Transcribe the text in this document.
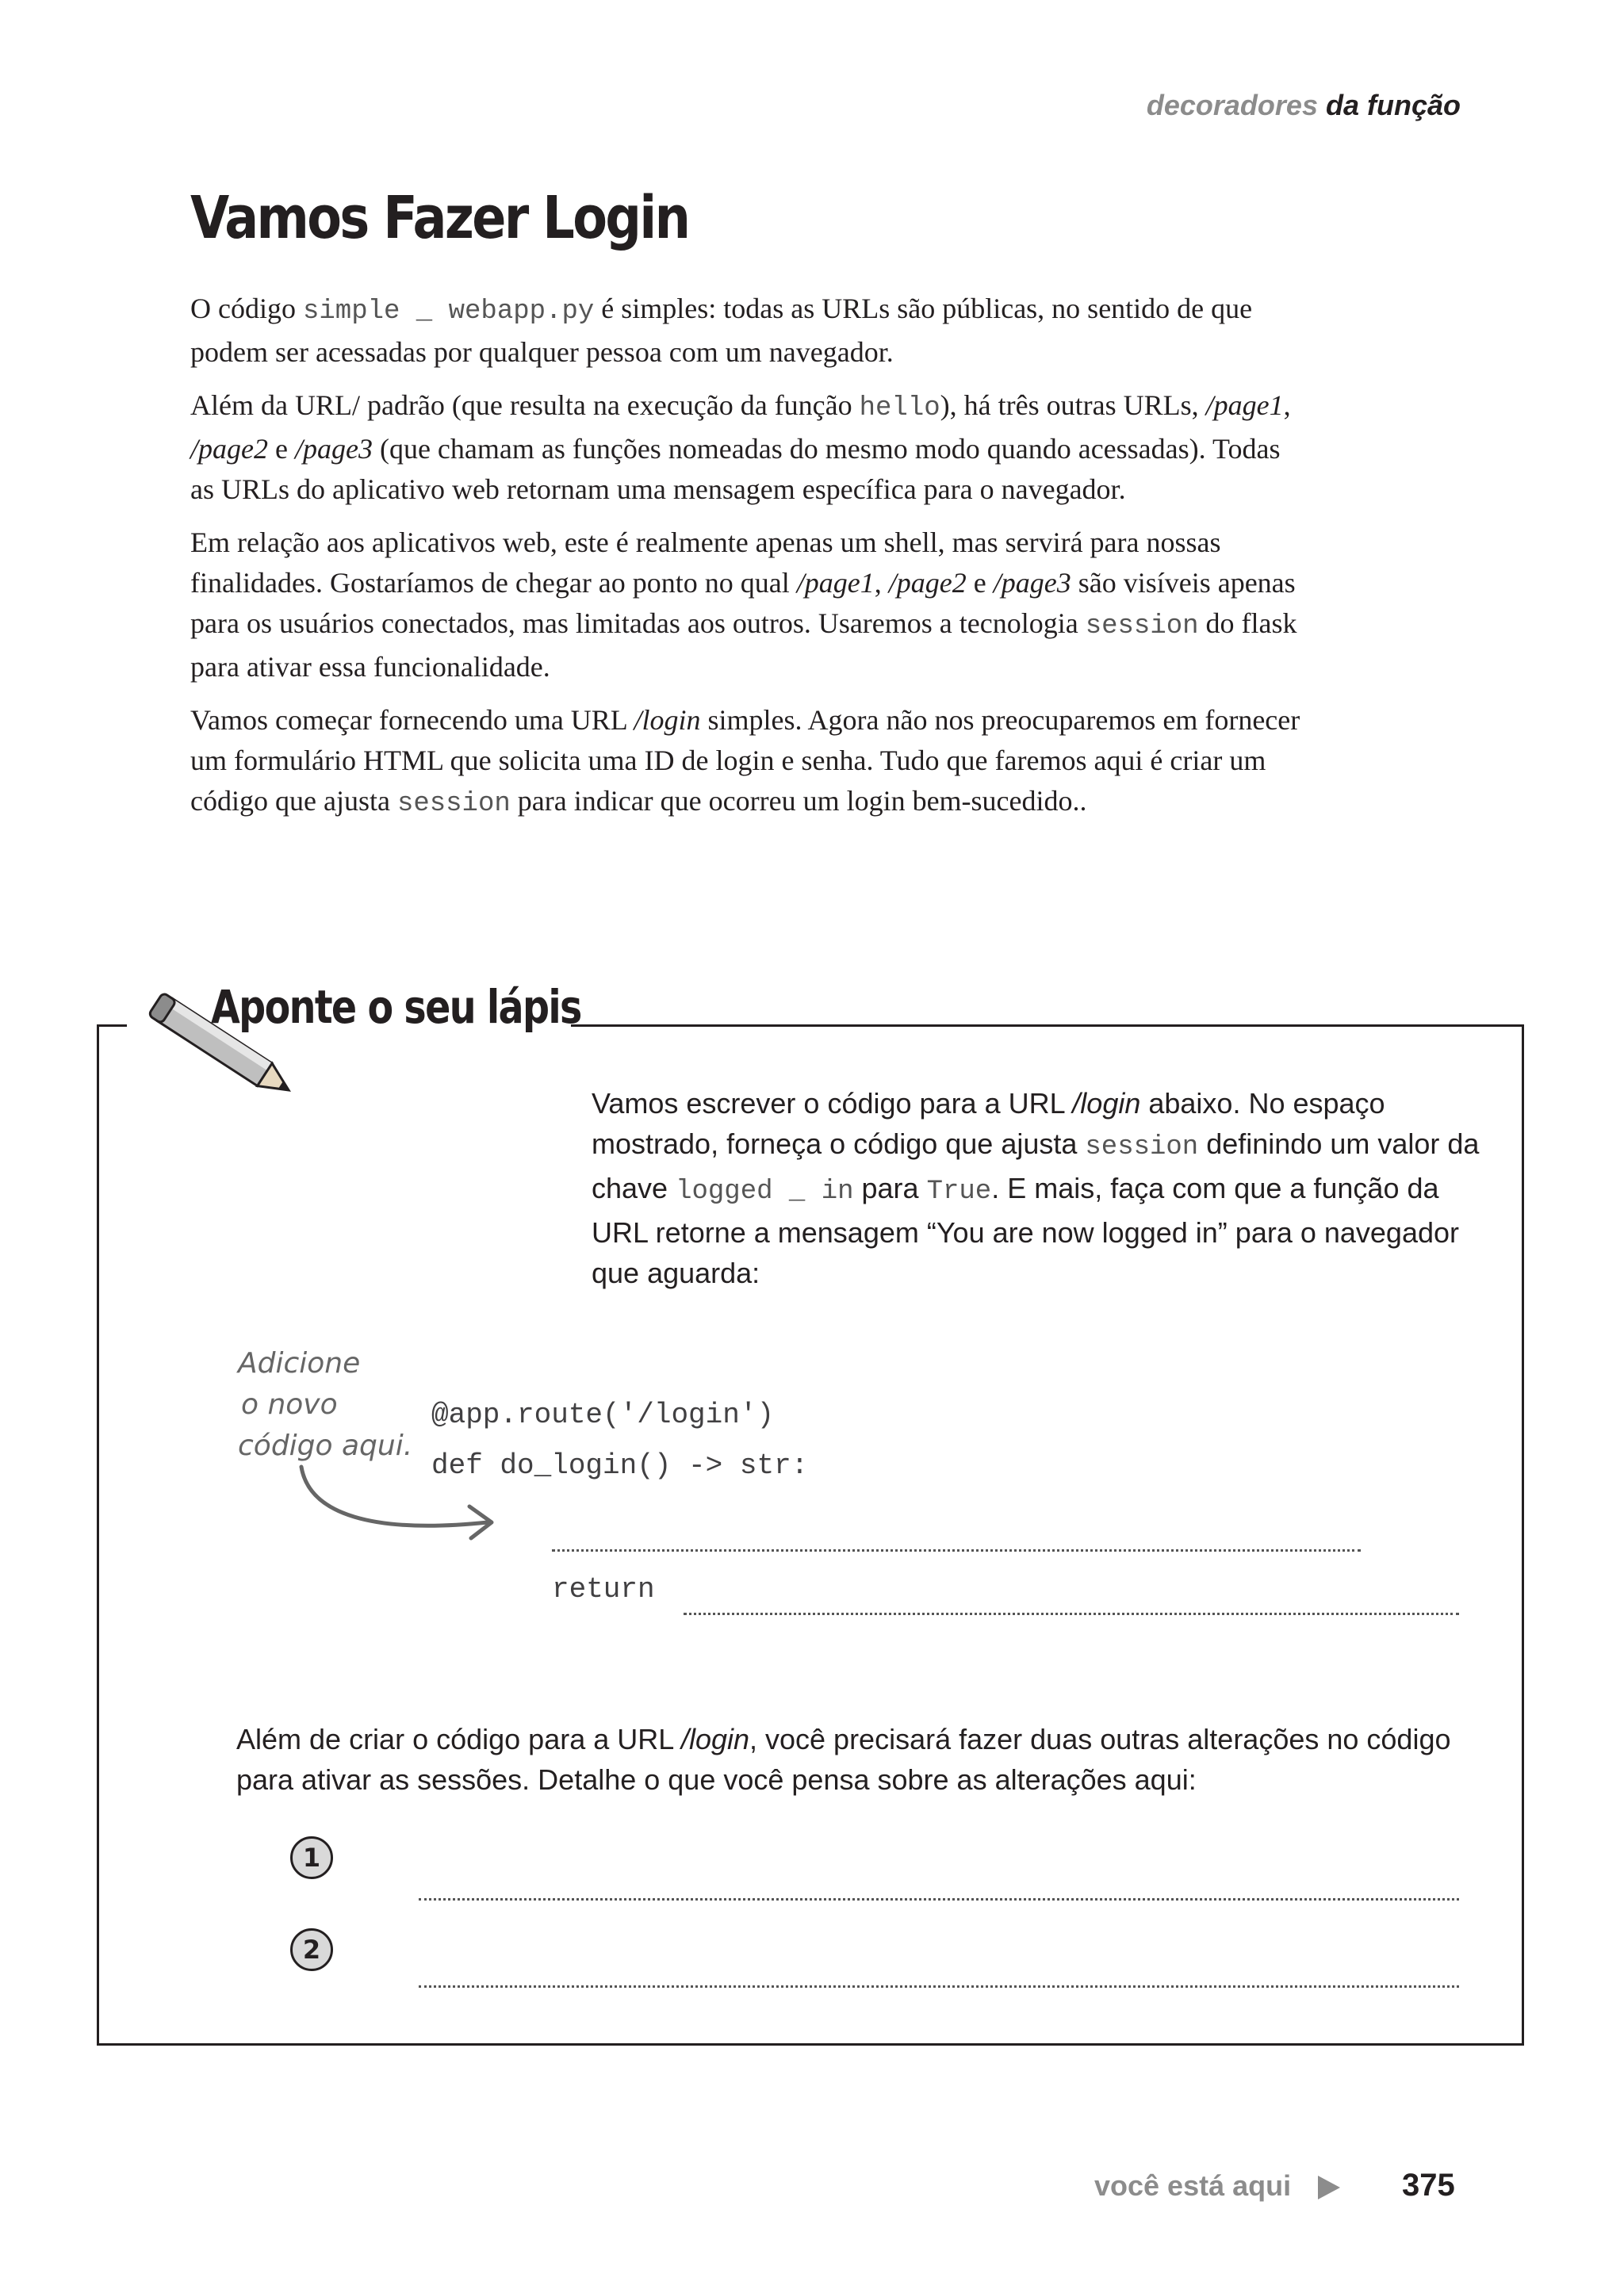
decoradores da função
Vamos Fazer Login

O código simple _ webapp.py é simples: todas as URLs são públicas, no sentido de que podem ser acessadas por qualquer pessoa com um navegador.

Além da URL/ padrão (que resulta na execução da função hello), há três outras URLs, /page1, /page2 e /page3 (que chamam as funções nomeadas do mesmo modo quando acessadas). Todas as URLs do aplicativo web retornam uma mensagem específica para o navegador.

Em relação aos aplicativos web, este é realmente apenas um shell, mas servirá para nossas finalidades. Gostaríamos de chegar ao ponto no qual /page1, /page2 e /page3 são visíveis apenas para os usuários conectados, mas limitadas aos outros. Usaremos a tecnologia session do flask para ativar essa funcionalidade.

Vamos começar fornecendo uma URL /login simples. Agora não nos preocuparemos em fornecer um formulário HTML que solicita uma ID de login e senha. Tudo que faremos aqui é criar um código que ajusta session para indicar que ocorreu um login bem-sucedido..

Aponte o seu lápis
Vamos escrever o código para a URL /login abaixo. No espaço mostrado, forneça o código que ajusta session definindo um valor da chave logged _ in para True. E mais, faça com que a função da URL retorne a mensagem “You are now logged in” para o navegador que aguarda:
Adicione
o novo
código aqui.
@app.route('/login')
def do_login() -> str:
return
Além de criar o código para a URL /login, você precisará fazer duas outras alterações no código para ativar as sessões. Detalhe o que você pensa sobre as alterações aqui:
1
2
você está aqui	375
